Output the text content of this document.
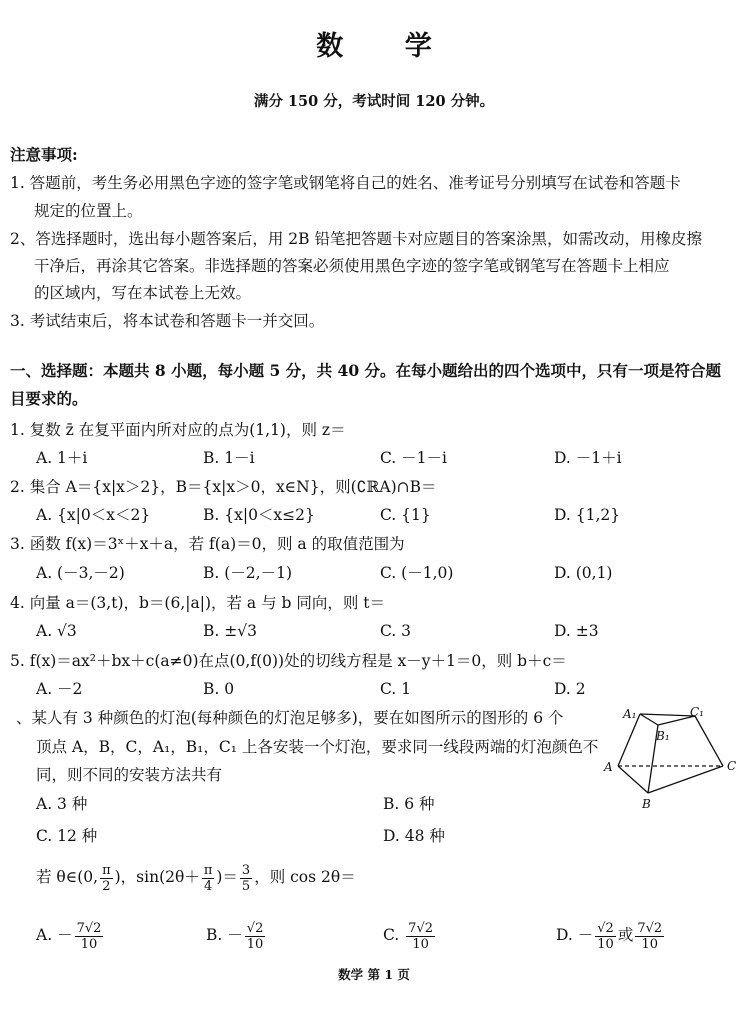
数 学
满分 150 分，考试时间 120 分钟。
注意事项:
1. 答题前，考生务必用黑色字迹的签字笔或钢笔将自己的姓名、准考证号分别填写在试卷和答题卡
规定的位置上。
2、答选择题时，选出每小题答案后，用 2B 铅笔把答题卡对应题目的答案涂黑，如需改动，用橡皮擦
干净后，再涂其它答案。非选择题的答案必须使用黑色字迹的签字笔或钢笔写在答题卡上相应
的区域内，写在本试卷上无效。
3. 考试结束后，将本试卷和答题卡一并交回。
一、选择题：本题共 8 小题，每小题 5 分，共 40 分。在每小题给出的四个选项中，只有一项是符合题
目要求的。
1. 复数 z̄ 在复平面内所对应的点为(1,1)，则 z＝
A. 1＋i	B. 1－i	C. －1－i	D. －1＋i
2. 集合 A＝{x|x＞2}，B＝{x|x＞0，x∈N}，则(∁ℝA)∩B＝
A. {x|0＜x＜2}	B. {x|0＜x≤2}	C. {1}	D. {1,2}
3. 函数 f(x)＝3ˣ＋x＋a，若 f(a)＝0，则 a 的取值范围为
A. (－3,－2)	B. (－2,－1)	C. (－1,0)	D. (0,1)
4. 向量 a＝(3,t)，b＝(6,|a|)，若 a 与 b 同向，则 t＝
A. √3	B. ±√3	C. 3	D. ±3
5. f(x)＝ax²＋bx＋c(a≠0)在点(0,f(0))处的切线方程是 x－y＋1＝0，则 b＋c＝
A. －2	B. 0	C. 1	D. 2
、某人有 3 种颜色的灯泡(每种颜色的灯泡足够多)，要在如图所示的图形的 6 个
顶点 A，B，C，A₁，B₁，C₁ 上各安装一个灯泡，要求同一线段两端的灯泡颜色不
同，则不同的安装方法共有
A. 3 种	B. 6 种
C. 12 种	D. 48 种
A₁	C₁
B₁
A	C
B
若 θ∈(0, $\frac{\pi}{2}$ )，$\sin(2\theta+ \frac{\pi}{4}$ )＝ $\frac{3}{5}$ ，则 cos 2θ＝
A. － $\frac{7√2}{10}$	B. － $\frac{√2}{10}$	C. $\frac{7√2}{10}$	D. － $\frac{√2}{10}$ 或 $\frac{7√2}{10}$
数学 第 1 页
